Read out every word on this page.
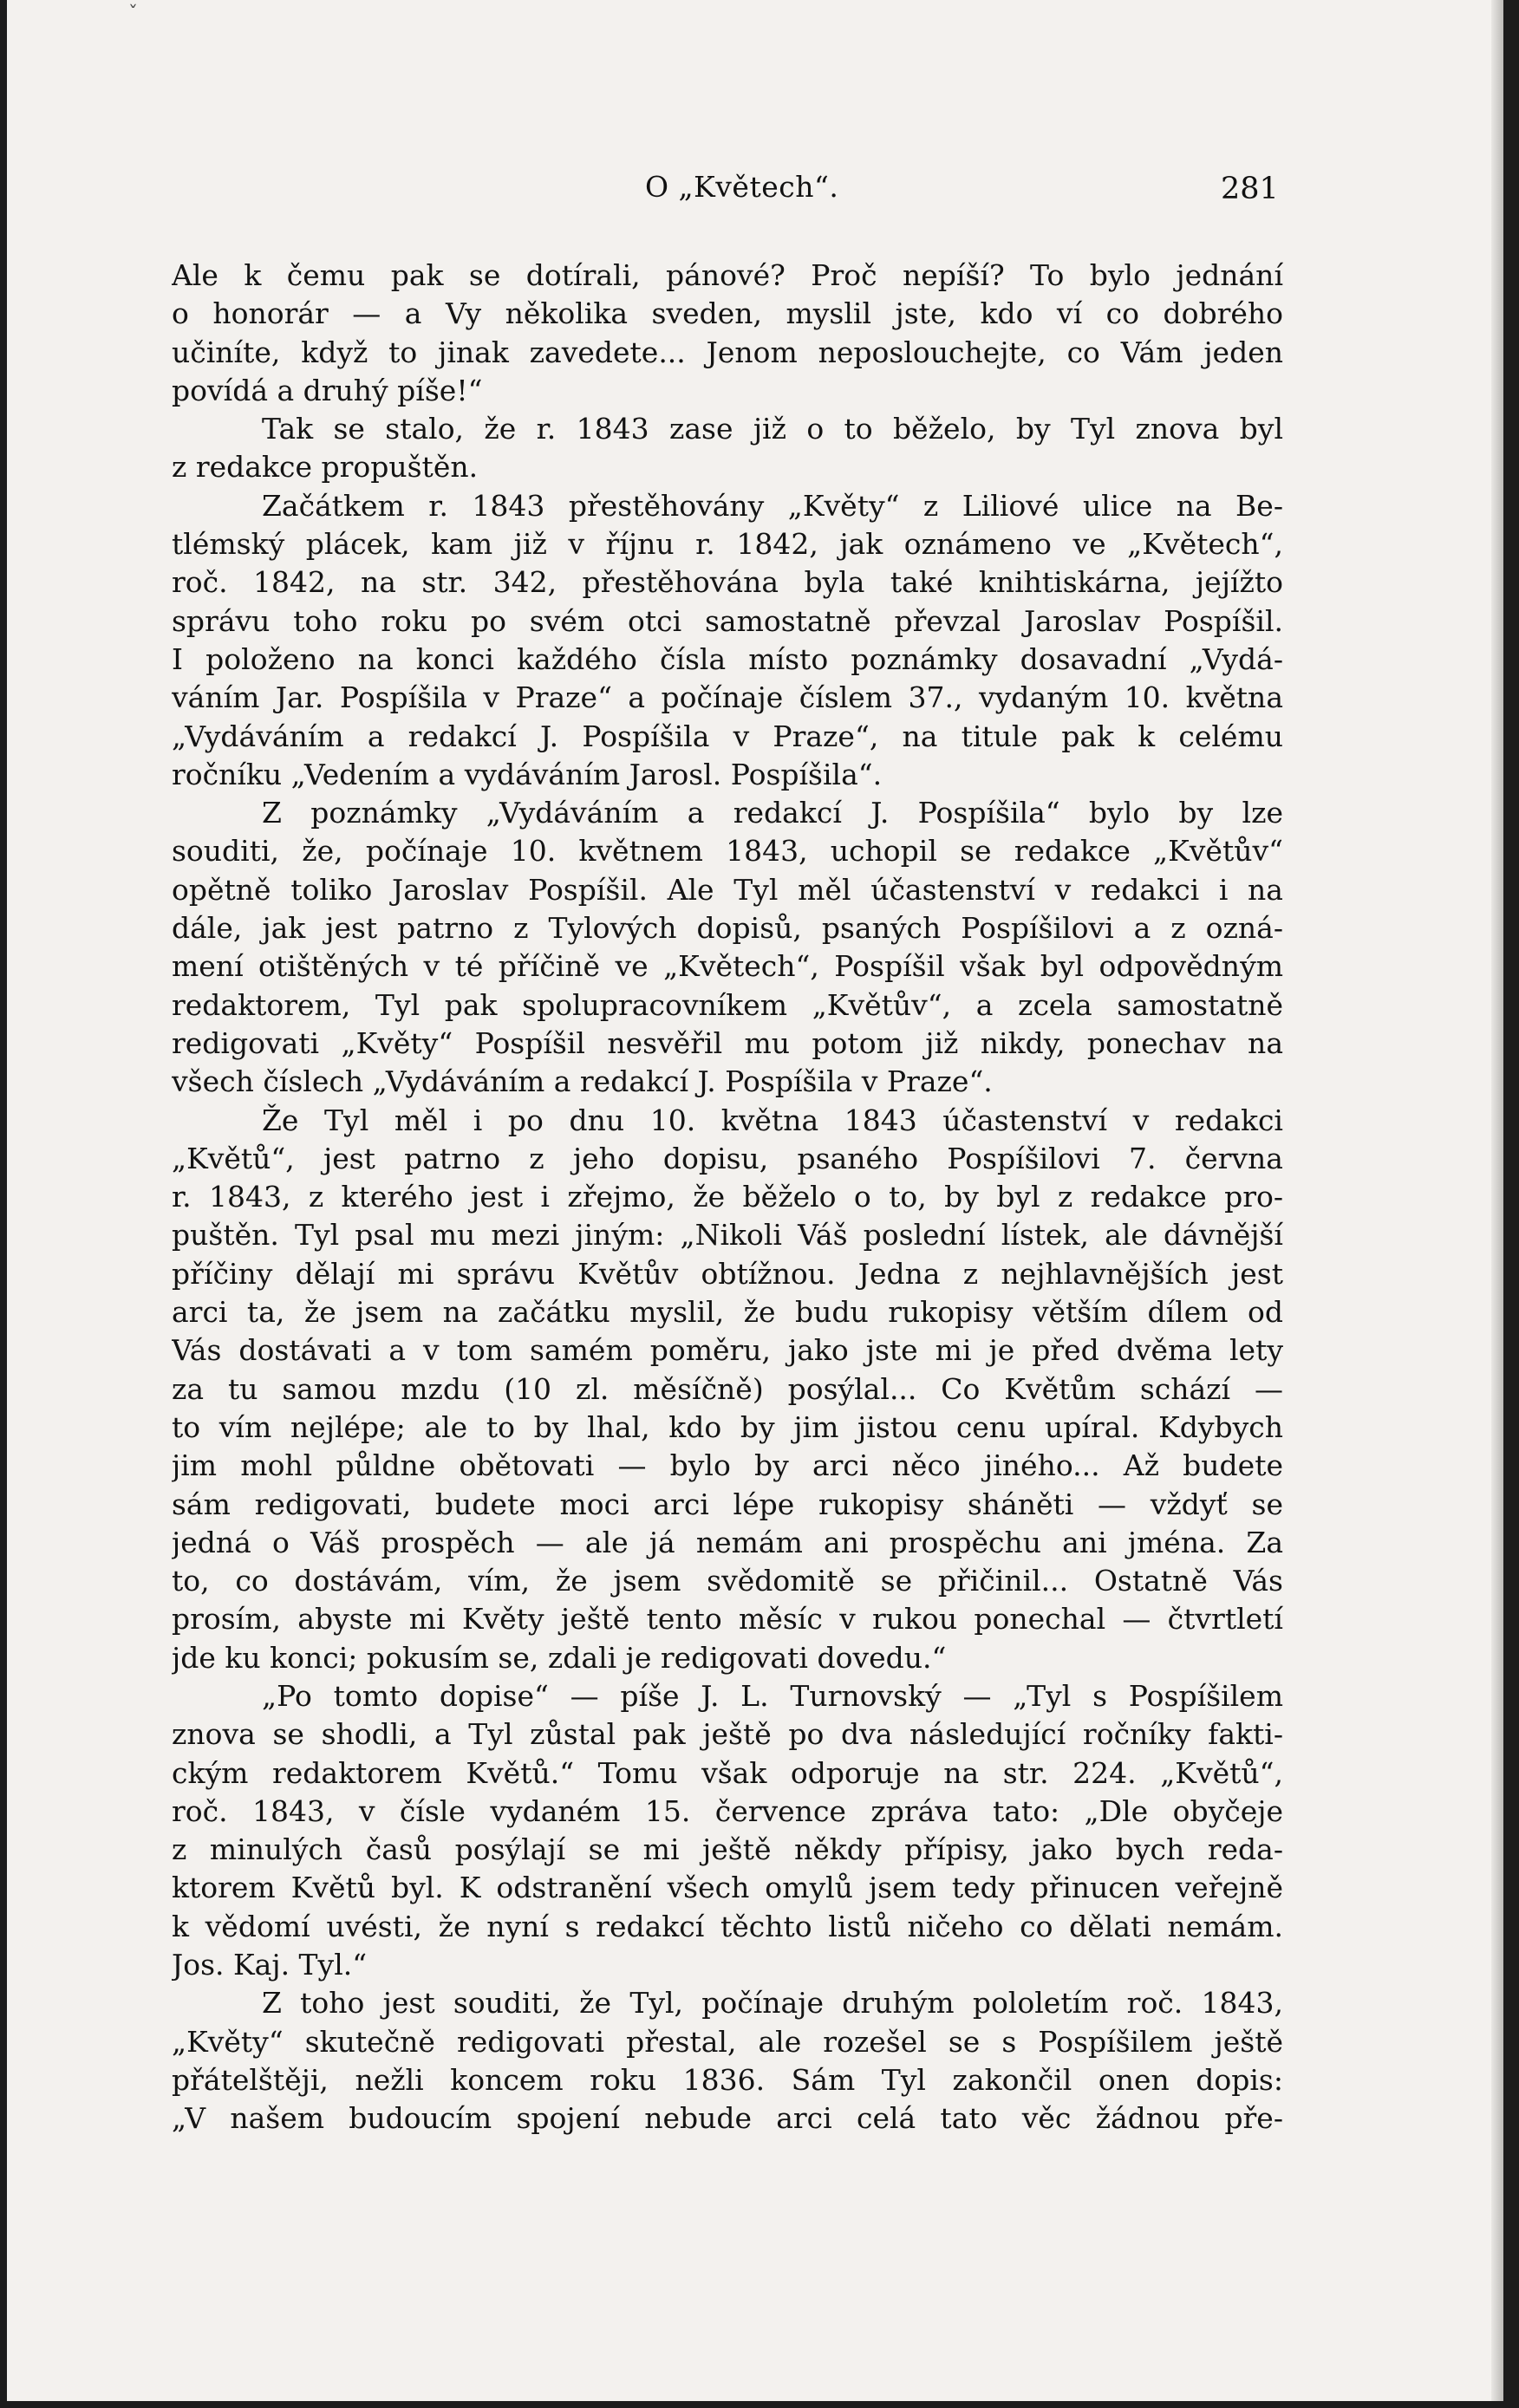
ˇ
O „Květech“.	281
Ale k čemu pak se dotírali, pánové? Proč nepíší? To bylo jednání
o honorár — a Vy několika sveden, myslil jste, kdo ví co dobrého
učiníte, když to jinak zavedete... Jenom neposlouchejte, co Vám jeden
povídá a druhý píše!“
Tak se stalo, že r. 1843 zase již o to běželo, by Tyl znova byl
z redakce propuštěn.
Začátkem r. 1843 přestěhovány „Květy“ z Liliové ulice na Be-
tlémský plácek, kam již v říjnu r. 1842, jak oznámeno ve „Květech“,
roč. 1842, na str. 342, přestěhována byla také knihtiskárna, jejížto
správu toho roku po svém otci samostatně převzal Jaroslav Pospíšil.
I položeno na konci každého čísla místo poznámky dosavadní „Vydá-
váním Jar. Pospíšila v Praze“ a počínaje číslem 37., vydaným 10. května
„Vydáváním a redakcí J. Pospíšila v Praze“, na titule pak k celému
ročníku „Vedením a vydáváním Jarosl. Pospíšila“.
Z poznámky „Vydáváním a redakcí J. Pospíšila“ bylo by lze
souditi, že, počínaje 10. květnem 1843, uchopil se redakce „Květův“
opětně toliko Jaroslav Pospíšil. Ale Tyl měl účastenství v redakci i na
dále, jak jest patrno z Tylových dopisů, psaných Pospíšilovi a z ozná-
mení otištěných v té příčině ve „Květech“, Pospíšil však byl odpovědným
redaktorem, Tyl pak spolupracovníkem „Květův“, a zcela samostatně
redigovati „Květy“ Pospíšil nesvěřil mu potom již nikdy, ponechav na
všech číslech „Vydáváním a redakcí J. Pospíšila v Praze“.
Že Tyl měl i po dnu 10. května 1843 účastenství v redakci
„Květů“, jest patrno z jeho dopisu, psaného Pospíšilovi 7. června
r. 1843, z kterého jest i zřejmo, že běželo o to, by byl z redakce pro-
puštěn. Tyl psal mu mezi jiným: „Nikoli Váš poslední lístek, ale dávnější
příčiny dělají mi správu Květův obtížnou. Jedna z nejhlavnějších jest
arci ta, že jsem na začátku myslil, že budu rukopisy větším dílem od
Vás dostávati a v tom samém poměru, jako jste mi je před dvěma lety
za tu samou mzdu (10 zl. měsíčně) posýlal... Co Květům schází —
to vím nejlépe; ale to by lhal, kdo by jim jistou cenu upíral. Kdybych
jim mohl půldne obětovati — bylo by arci něco jiného... Až budete
sám redigovati, budete moci arci lépe rukopisy sháněti — vždyť se
jedná o Váš prospěch — ale já nemám ani prospěchu ani jména. Za
to, co dostávám, vím, že jsem svědomitě se přičinil... Ostatně Vás
prosím, abyste mi Květy ještě tento měsíc v rukou ponechal — čtvrtletí
jde ku konci; pokusím se, zdali je redigovati dovedu.“
„Po tomto dopise“ — píše J. L. Turnovský — „Tyl s Pospíšilem
znova se shodli, a Tyl zůstal pak ještě po dva následující ročníky fakti-
ckým redaktorem Květů.“ Tomu však odporuje na str. 224. „Květů“,
roč. 1843, v čísle vydaném 15. července zpráva tato: „Dle obyčeje
z minulých časů posýlají se mi ještě někdy přípisy, jako bych reda-
ktorem Květů byl. K odstranění všech omylů jsem tedy přinucen veřejně
k vědomí uvésti, že nyní s redakcí těchto listů ničeho co dělati nemám.
Jos. Kaj. Tyl.“
Z toho jest souditi, že Tyl, počínaje druhým pololetím roč. 1843,
„Květy“ skutečně redigovati přestal, ale rozešel se s Pospíšilem ještě
přátelštěji, nežli koncem roku 1836. Sám Tyl zakončil onen dopis:
„V našem budoucím spojení nebude arci celá tato věc žádnou pře-
